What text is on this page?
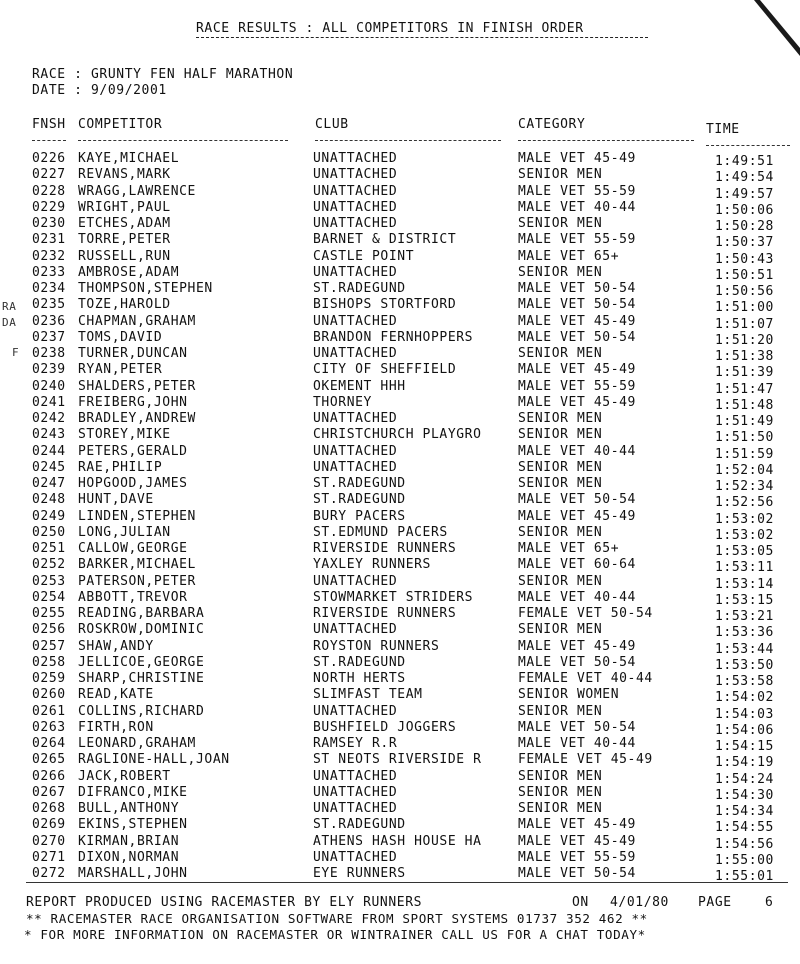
RACE RESULTS : ALL COMPETITORS IN FINISH ORDER
RACE : GRUNTY FEN HALF MARATHON
DATE : 9/09/2001
FNSH COMPETITOR	CLUB	CATEGORY	TIME
RA
DA
F
0226 KAYE,MICHAEL	UNATTACHED	MALE VET 45-49	1:49:51
0227 REVANS,MARK	UNATTACHED	SENIOR MEN	1:49:54
0228 WRAGG,LAWRENCE	UNATTACHED	MALE VET 55-59	1:49:57
0229 WRIGHT,PAUL	UNATTACHED	MALE VET 40-44	1:50:06
0230 ETCHES,ADAM	UNATTACHED	SENIOR MEN	1:50:28
0231 TORRE,PETER	BARNET & DISTRICT	MALE VET 55-59	1:50:37
0232 RUSSELL,RUN	CASTLE POINT	MALE VET 65+	1:50:43
0233 AMBROSE,ADAM	UNATTACHED	SENIOR MEN	1:50:51
0234 THOMPSON,STEPHEN	ST.RADEGUND	MALE VET 50-54	1:50:56
0235 TOZE,HAROLD	BISHOPS STORTFORD	MALE VET 50-54	1:51:00
0236 CHAPMAN,GRAHAM	UNATTACHED	MALE VET 45-49	1:51:07
0237 TOMS,DAVID	BRANDON FERNHOPPERS	MALE VET 50-54	1:51:20
0238 TURNER,DUNCAN	UNATTACHED	SENIOR MEN	1:51:38
0239 RYAN,PETER	CITY OF SHEFFIELD	MALE VET 45-49	1:51:39
0240 SHALDERS,PETER	OKEMENT HHH	MALE VET 55-59	1:51:47
0241 FREIBERG,JOHN	THORNEY	MALE VET 45-49	1:51:48
0242 BRADLEY,ANDREW	UNATTACHED	SENIOR MEN	1:51:49
0243 STOREY,MIKE	CHRISTCHURCH PLAYGRO	SENIOR MEN	1:51:50
0244 PETERS,GERALD	UNATTACHED	MALE VET 40-44	1:51:59
0245 RAE,PHILIP	UNATTACHED	SENIOR MEN	1:52:04
0247 HOPGOOD,JAMES	ST.RADEGUND	SENIOR MEN	1:52:34
0248 HUNT,DAVE	ST.RADEGUND	MALE VET 50-54	1:52:56
0249 LINDEN,STEPHEN	BURY PACERS	MALE VET 45-49	1:53:02
0250 LONG,JULIAN	ST.EDMUND PACERS	SENIOR MEN	1:53:02
0251 CALLOW,GEORGE	RIVERSIDE RUNNERS	MALE VET 65+	1:53:05
0252 BARKER,MICHAEL	YAXLEY RUNNERS	MALE VET 60-64	1:53:11
0253 PATERSON,PETER	UNATTACHED	SENIOR MEN	1:53:14
0254 ABBOTT,TREVOR	STOWMARKET STRIDERS	MALE VET 40-44	1:53:15
0255 READING,BARBARA	RIVERSIDE RUNNERS	FEMALE VET 50-54	1:53:21
0256 ROSKROW,DOMINIC	UNATTACHED	SENIOR MEN	1:53:36
0257 SHAW,ANDY	ROYSTON RUNNERS	MALE VET 45-49	1:53:44
0258 JELLICOE,GEORGE	ST.RADEGUND	MALE VET 50-54	1:53:50
0259 SHARP,CHRISTINE	NORTH HERTS	FEMALE VET 40-44	1:53:58
0260 READ,KATE	SLIMFAST TEAM	SENIOR WOMEN	1:54:02
0261 COLLINS,RICHARD	UNATTACHED	SENIOR MEN	1:54:03
0263 FIRTH,RON	BUSHFIELD JOGGERS	MALE VET 50-54	1:54:06
0264 LEONARD,GRAHAM	RAMSEY R.R	MALE VET 40-44	1:54:15
0265 RAGLIONE-HALL,JOAN	ST NEOTS RIVERSIDE R	FEMALE VET 45-49	1:54:19
0266 JACK,ROBERT	UNATTACHED	SENIOR MEN	1:54:24
0267 DIFRANCO,MIKE	UNATTACHED	SENIOR MEN	1:54:30
0268 BULL,ANTHONY	UNATTACHED	SENIOR MEN	1:54:34
0269 EKINS,STEPHEN	ST.RADEGUND	MALE VET 45-49	1:54:55
0270 KIRMAN,BRIAN	ATHENS HASH HOUSE HA	MALE VET 45-49	1:54:56
0271 DIXON,NORMAN	UNATTACHED	MALE VET 55-59	1:55:00
0272 MARSHALL,JOHN	EYE RUNNERS	MALE VET 50-54	1:55:01
REPORT PRODUCED USING RACEMASTER BY ELY RUNNERS	ON 4/01/80 PAGE	6
** RACEMASTER RACE ORGANISATION SOFTWARE FROM SPORT SYSTEMS 01737 352 462 **
* FOR MORE INFORMATION ON RACEMASTER OR WINTRAINER CALL US FOR A CHAT TODAY*
